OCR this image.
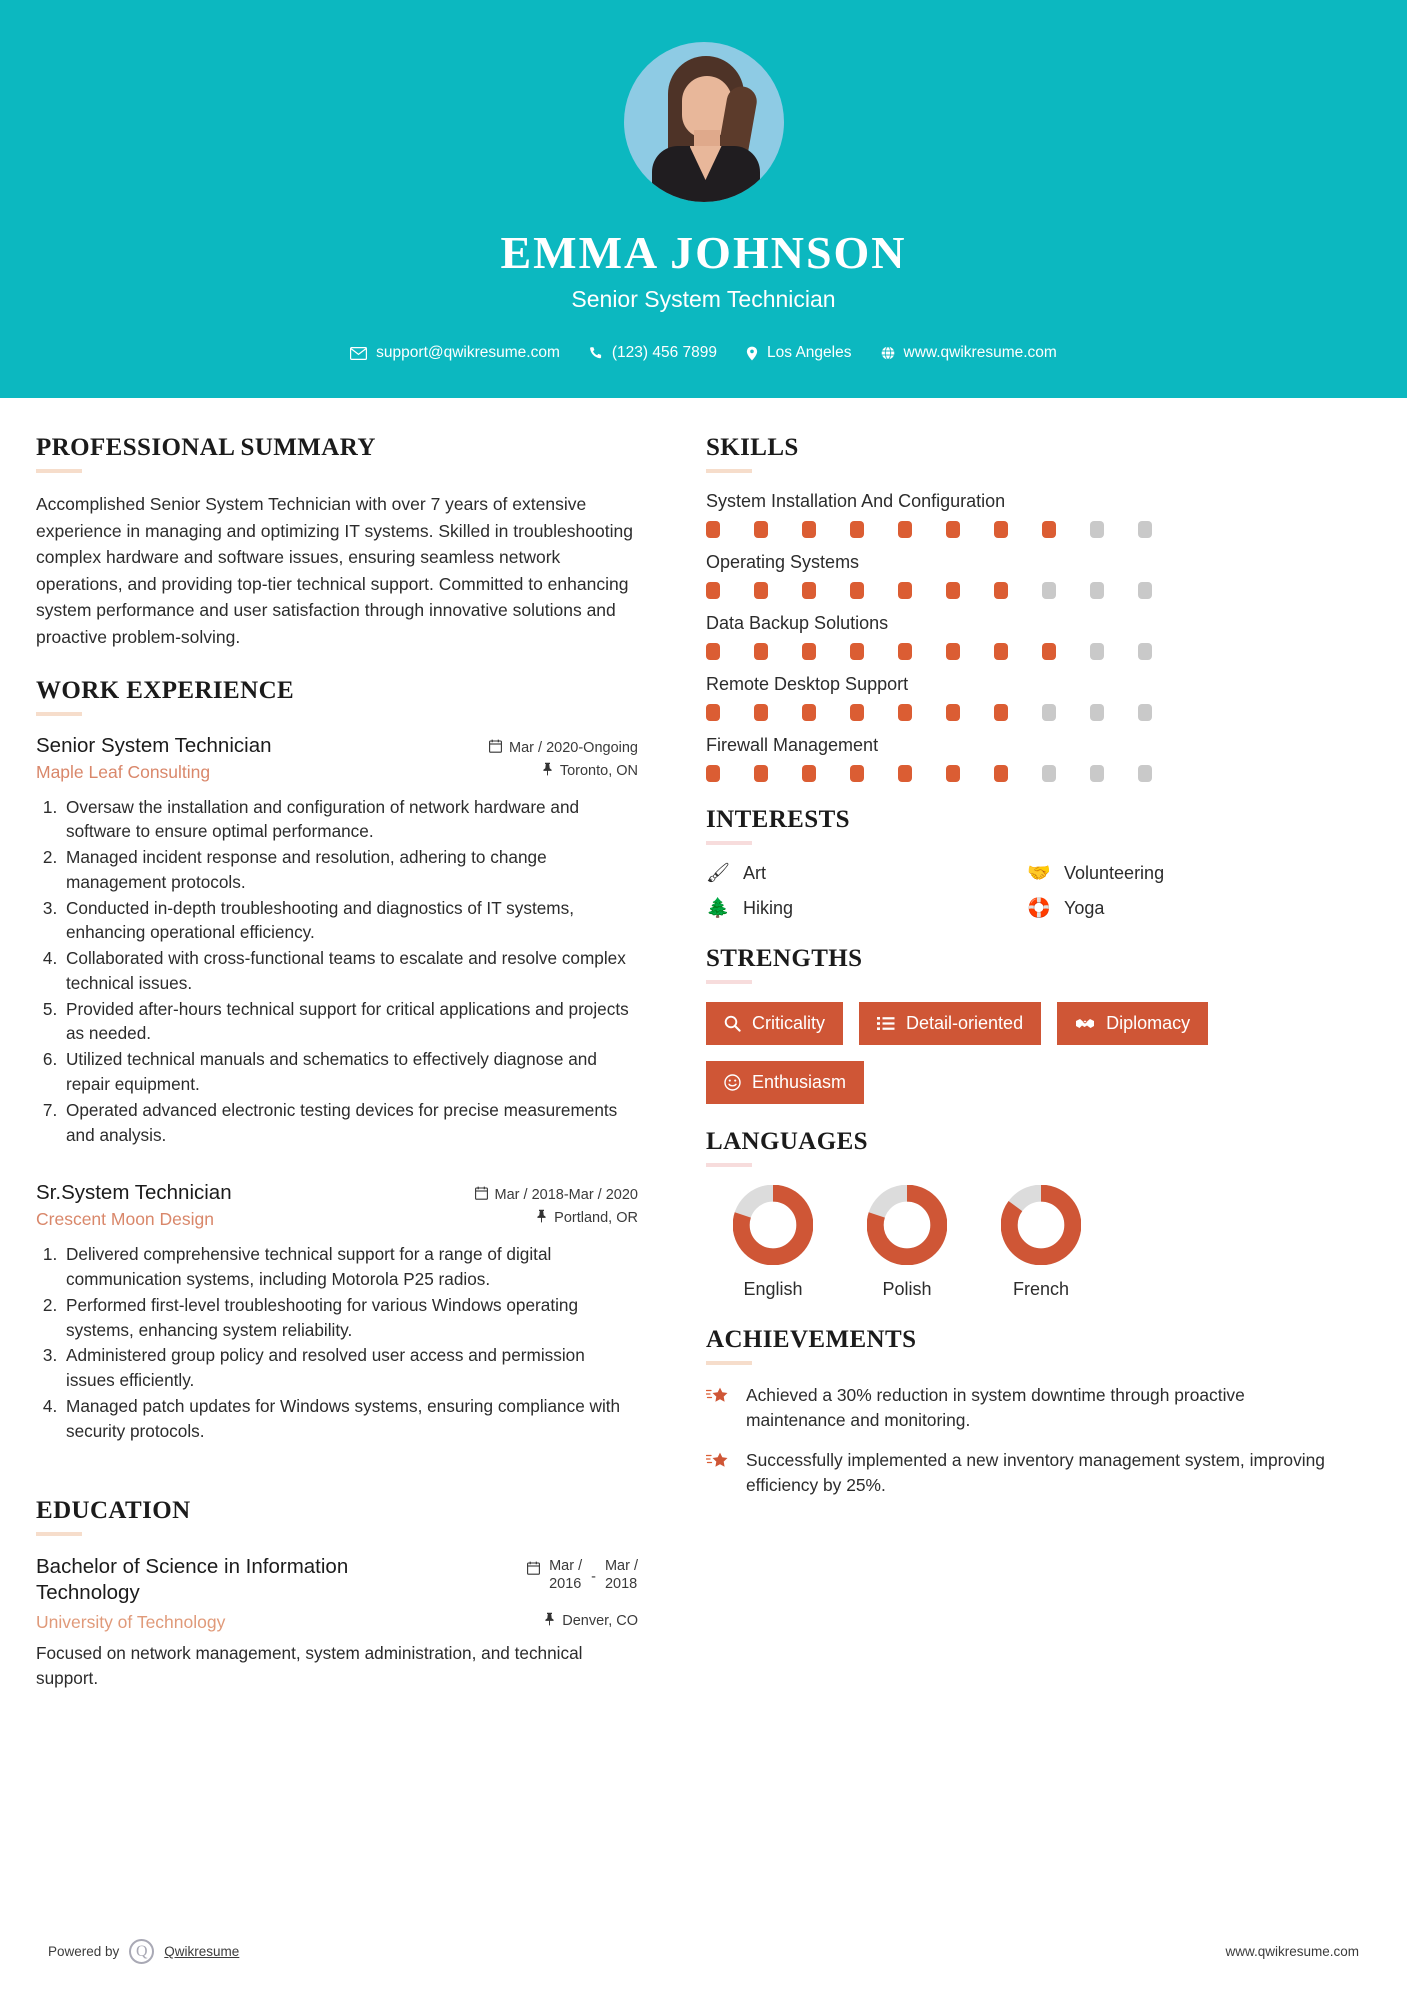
EMMA JOHNSON
Senior System Technician
support@qwikresume.com	(123) 456 7899	Los Angeles	www.qwikresume.com
PROFESSIONAL SUMMARY
Accomplished Senior System Technician with over 7 years of extensive experience in managing and optimizing IT systems. Skilled in troubleshooting complex hardware and software issues, ensuring seamless network operations, and providing top-tier technical support. Committed to enhancing system performance and user satisfaction through innovative solutions and proactive problem-solving.
WORK EXPERIENCE
Senior System Technician	Mar / 2020-Ongoing
Maple Leaf Consulting	Toronto, ON
1. Oversaw the installation and configuration of network hardware and software to ensure optimal performance.
2. Managed incident response and resolution, adhering to change management protocols.
3. Conducted in-depth troubleshooting and diagnostics of IT systems, enhancing operational efficiency.
4. Collaborated with cross-functional teams to escalate and resolve complex technical issues.
5. Provided after-hours technical support for critical applications and projects as needed.
6. Utilized technical manuals and schematics to effectively diagnose and repair equipment.
7. Operated advanced electronic testing devices for precise measurements and analysis.
Sr.System Technician	Mar / 2018-Mar / 2020
Crescent Moon Design	Portland, OR
1. Delivered comprehensive technical support for a range of digital communication systems, including Motorola P25 radios.
2. Performed first-level troubleshooting for various Windows operating systems, enhancing system reliability.
3. Administered group policy and resolved user access and permission issues efficiently.
4. Managed patch updates for Windows systems, ensuring compliance with security protocols.
EDUCATION
Bachelor of Science in Information Technology
Mar /
2016 -
Mar /
2018
University of Technology	Denver, CO
Focused on network management, system administration, and technical support.
SKILLS
System Installation And Configuration
Operating Systems
Data Backup Solutions
Remote Desktop Support
Firewall Management
INTERESTS
🖌 Art	🤝 Volunteering
🌲 Hiking	🛟 Yoga
STRENGTHS
Criticality	Detail-oriented	Diplomacy
Enthusiasm
LANGUAGES
English	Polish	French
ACHIEVEMENTS
Achieved a 30% reduction in system downtime through proactive maintenance and monitoring.
Successfully implemented a new inventory management system, improving efficiency by 25%.
Powered by	Q	Qwikresume	www.qwikresume.com
